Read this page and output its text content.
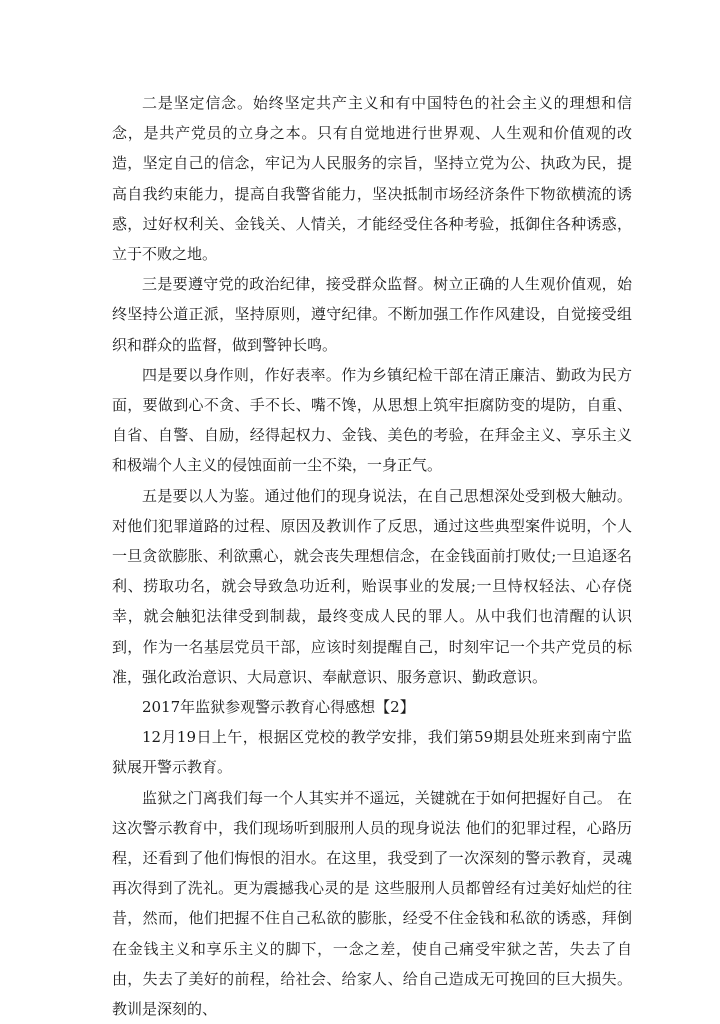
二是坚定信念。始终坚定共产主义和有中国特色的社会主义的理想和信念，是共产党员的立身之本。只有自觉地进行世界观、人生观和价值观的改造，坚定自己的信念，牢记为人民服务的宗旨，坚持立党为公、执政为民，提高自我约束能力，提高自我警省能力，坚决抵制市场经济条件下物欲横流的诱惑，过好权利关、金钱关、人情关，才能经受住各种考验，抵御住各种诱惑，立于不败之地。

三是要遵守党的政治纪律，接受群众监督。树立正确的人生观价值观，始终坚持公道正派，坚持原则，遵守纪律。不断加强工作作风建设，自觉接受组织和群众的监督，做到警钟长鸣。

四是要以身作则，作好表率。作为乡镇纪检干部在清正廉洁、勤政为民方面，要做到心不贪、手不长、嘴不馋，从思想上筑牢拒腐防变的堤防，自重、自省、自警、自励，经得起权力、金钱、美色的考验，在拜金主义、享乐主义和极端个人主义的侵蚀面前一尘不染，一身正气。

五是要以人为鉴。通过他们的现身说法，在自己思想深处受到极大触动。对他们犯罪道路的过程、原因及教训作了反思，通过这些典型案件说明，个人一旦贪欲膨胀、利欲熏心，就会丧失理想信念，在金钱面前打败仗;一旦追逐名利、捞取功名，就会导致急功近利，贻误事业的发展;一旦恃权轻法、心存侥幸，就会触犯法律受到制裁，最终变成人民的罪人。从中我们也清醒的认识到，作为一名基层党员干部，应该时刻提醒自己，时刻牢记一个共产党员的标准，强化政治意识、大局意识、奉献意识、服务意识、勤政意识。

2017年监狱参观警示教育心得感想【2】

12月19日上午，根据区党校的教学安排，我们第59期县处班来到南宁监狱展开警示教育。

监狱之门离我们每一个人其实并不遥远，关键就在于如何把握好自己。 在这次警示教育中，我们现场听到服刑人员的现身说法 他们的犯罪过程，心路历程，还看到了他们悔恨的泪水。在这里，我受到了一次深刻的警示教育，灵魂再次得到了洗礼。更为震撼我心灵的是 这些服刑人员都曾经有过美好灿烂的往昔，然而，他们把握不住自己私欲的膨胀，经受不住金钱和私欲的诱惑，拜倒在金钱主义和享乐主义的脚下，一念之差，使自己痛受牢狱之苦，失去了自由，失去了美好的前程，给社会、给家人、给自己造成无可挽回的巨大损失。教训是深刻的、
